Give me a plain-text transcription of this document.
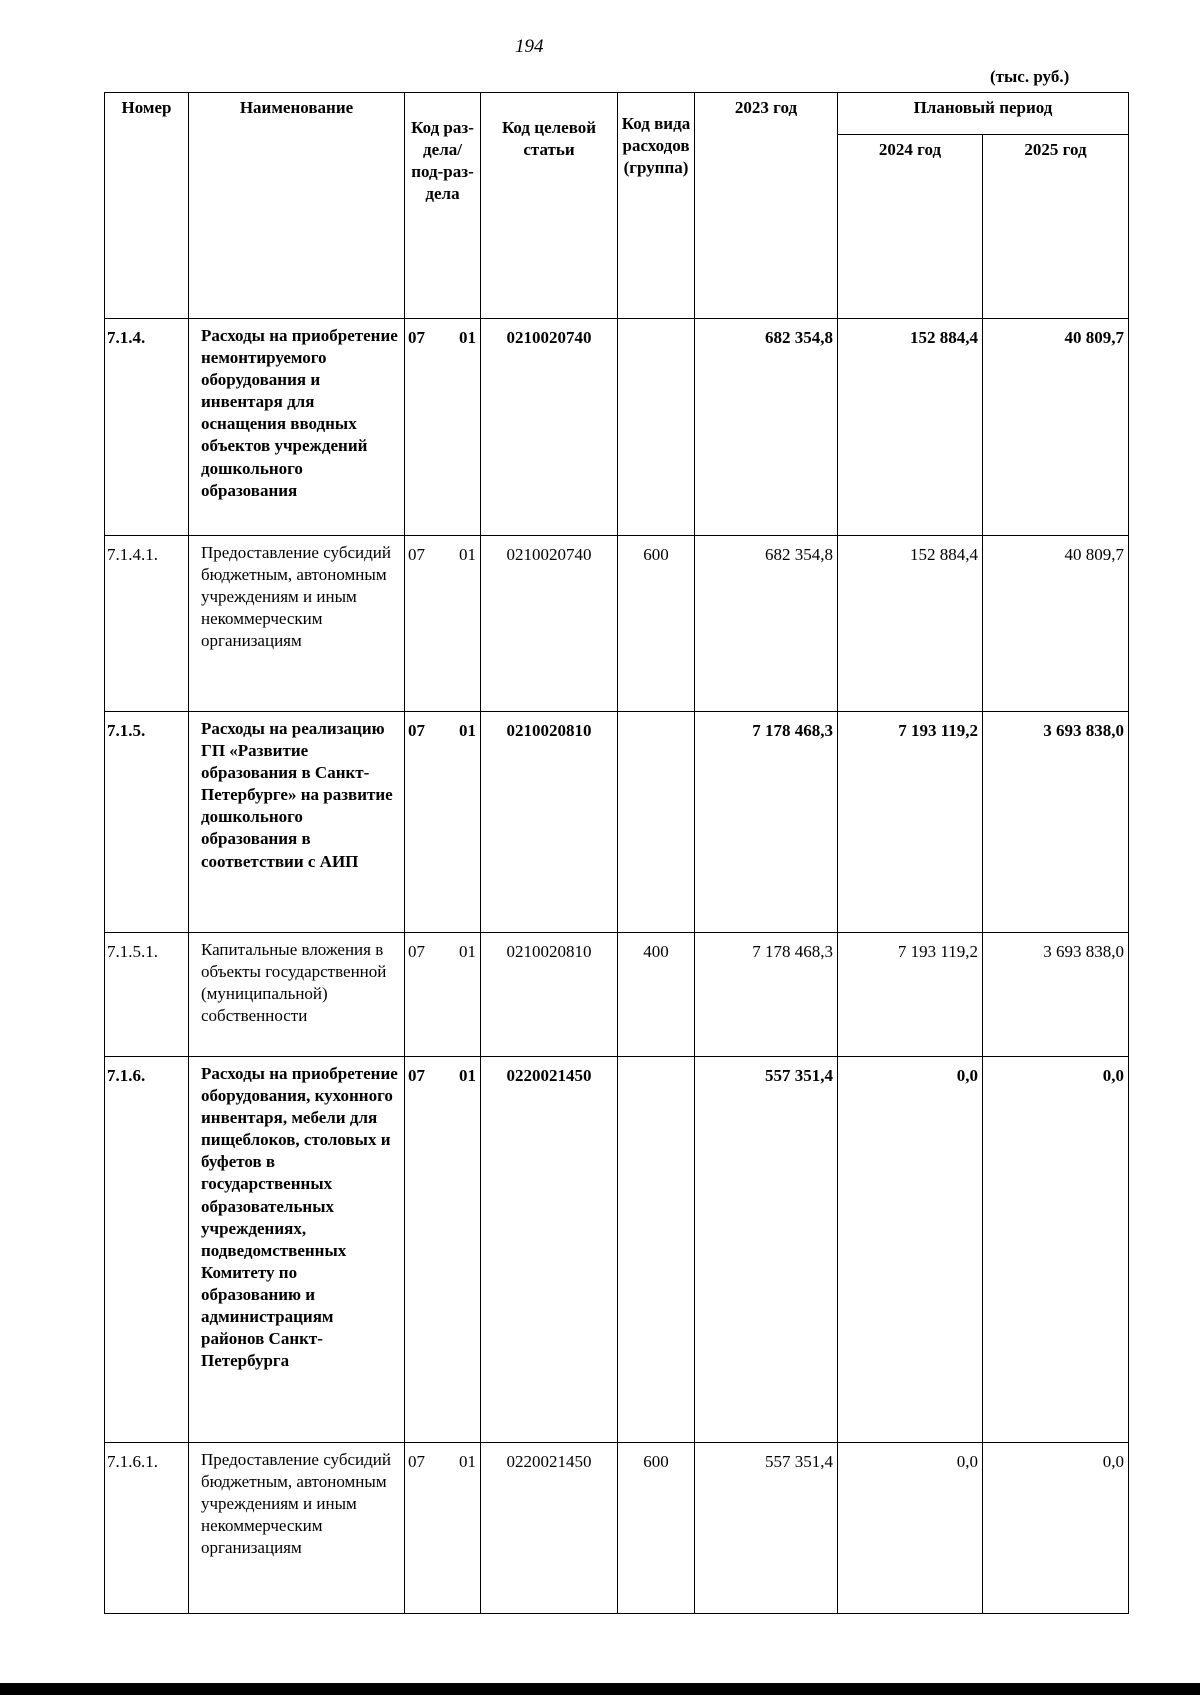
194
(тыс. руб.)
Номер	Наименование	Код раз-дела/ под-раз-дела	Код целевой статьи	Код вида расходов (группа)	2023 год	Плановый период	
						2024 год	2025 год
7.1.4.	Расходы на приобретение немонтируемого оборудования и инвентаря для оснащения вводных объектов учреждений дошкольного образования	07 01	0210020740		682 354,8	152 884,4	40 809,7
7.1.4.1.	Предоставление субсидий бюджетным, автономным учреждениям и иным некоммерческим организациям	07 01	0210020740	600	682 354,8	152 884,4	40 809,7
7.1.5.	Расходы на реализацию ГП «Развитие образования в Санкт-Петербурге» на развитие дошкольного образования в соответствии с АИП	07 01	0210020810		7 178 468,3	7 193 119,2	3 693 838,0
7.1.5.1.	Капитальные вложения в объекты государственной (муниципальной) собственности	07 01	0210020810	400	7 178 468,3	7 193 119,2	3 693 838,0
7.1.6.	Расходы на приобретение оборудования, кухонного инвентаря, мебели для пищеблоков, столовых и буфетов в государственных образовательных учреждениях, подведомственных Комитету по образованию и администрациям районов Санкт-Петербурга	07 01	0220021450		557 351,4	0,0	0,0
7.1.6.1.	Предоставление субсидий бюджетным, автономным учреждениям и иным некоммерческим организациям	07 01	0220021450	600	557 351,4	0,0	0,0
